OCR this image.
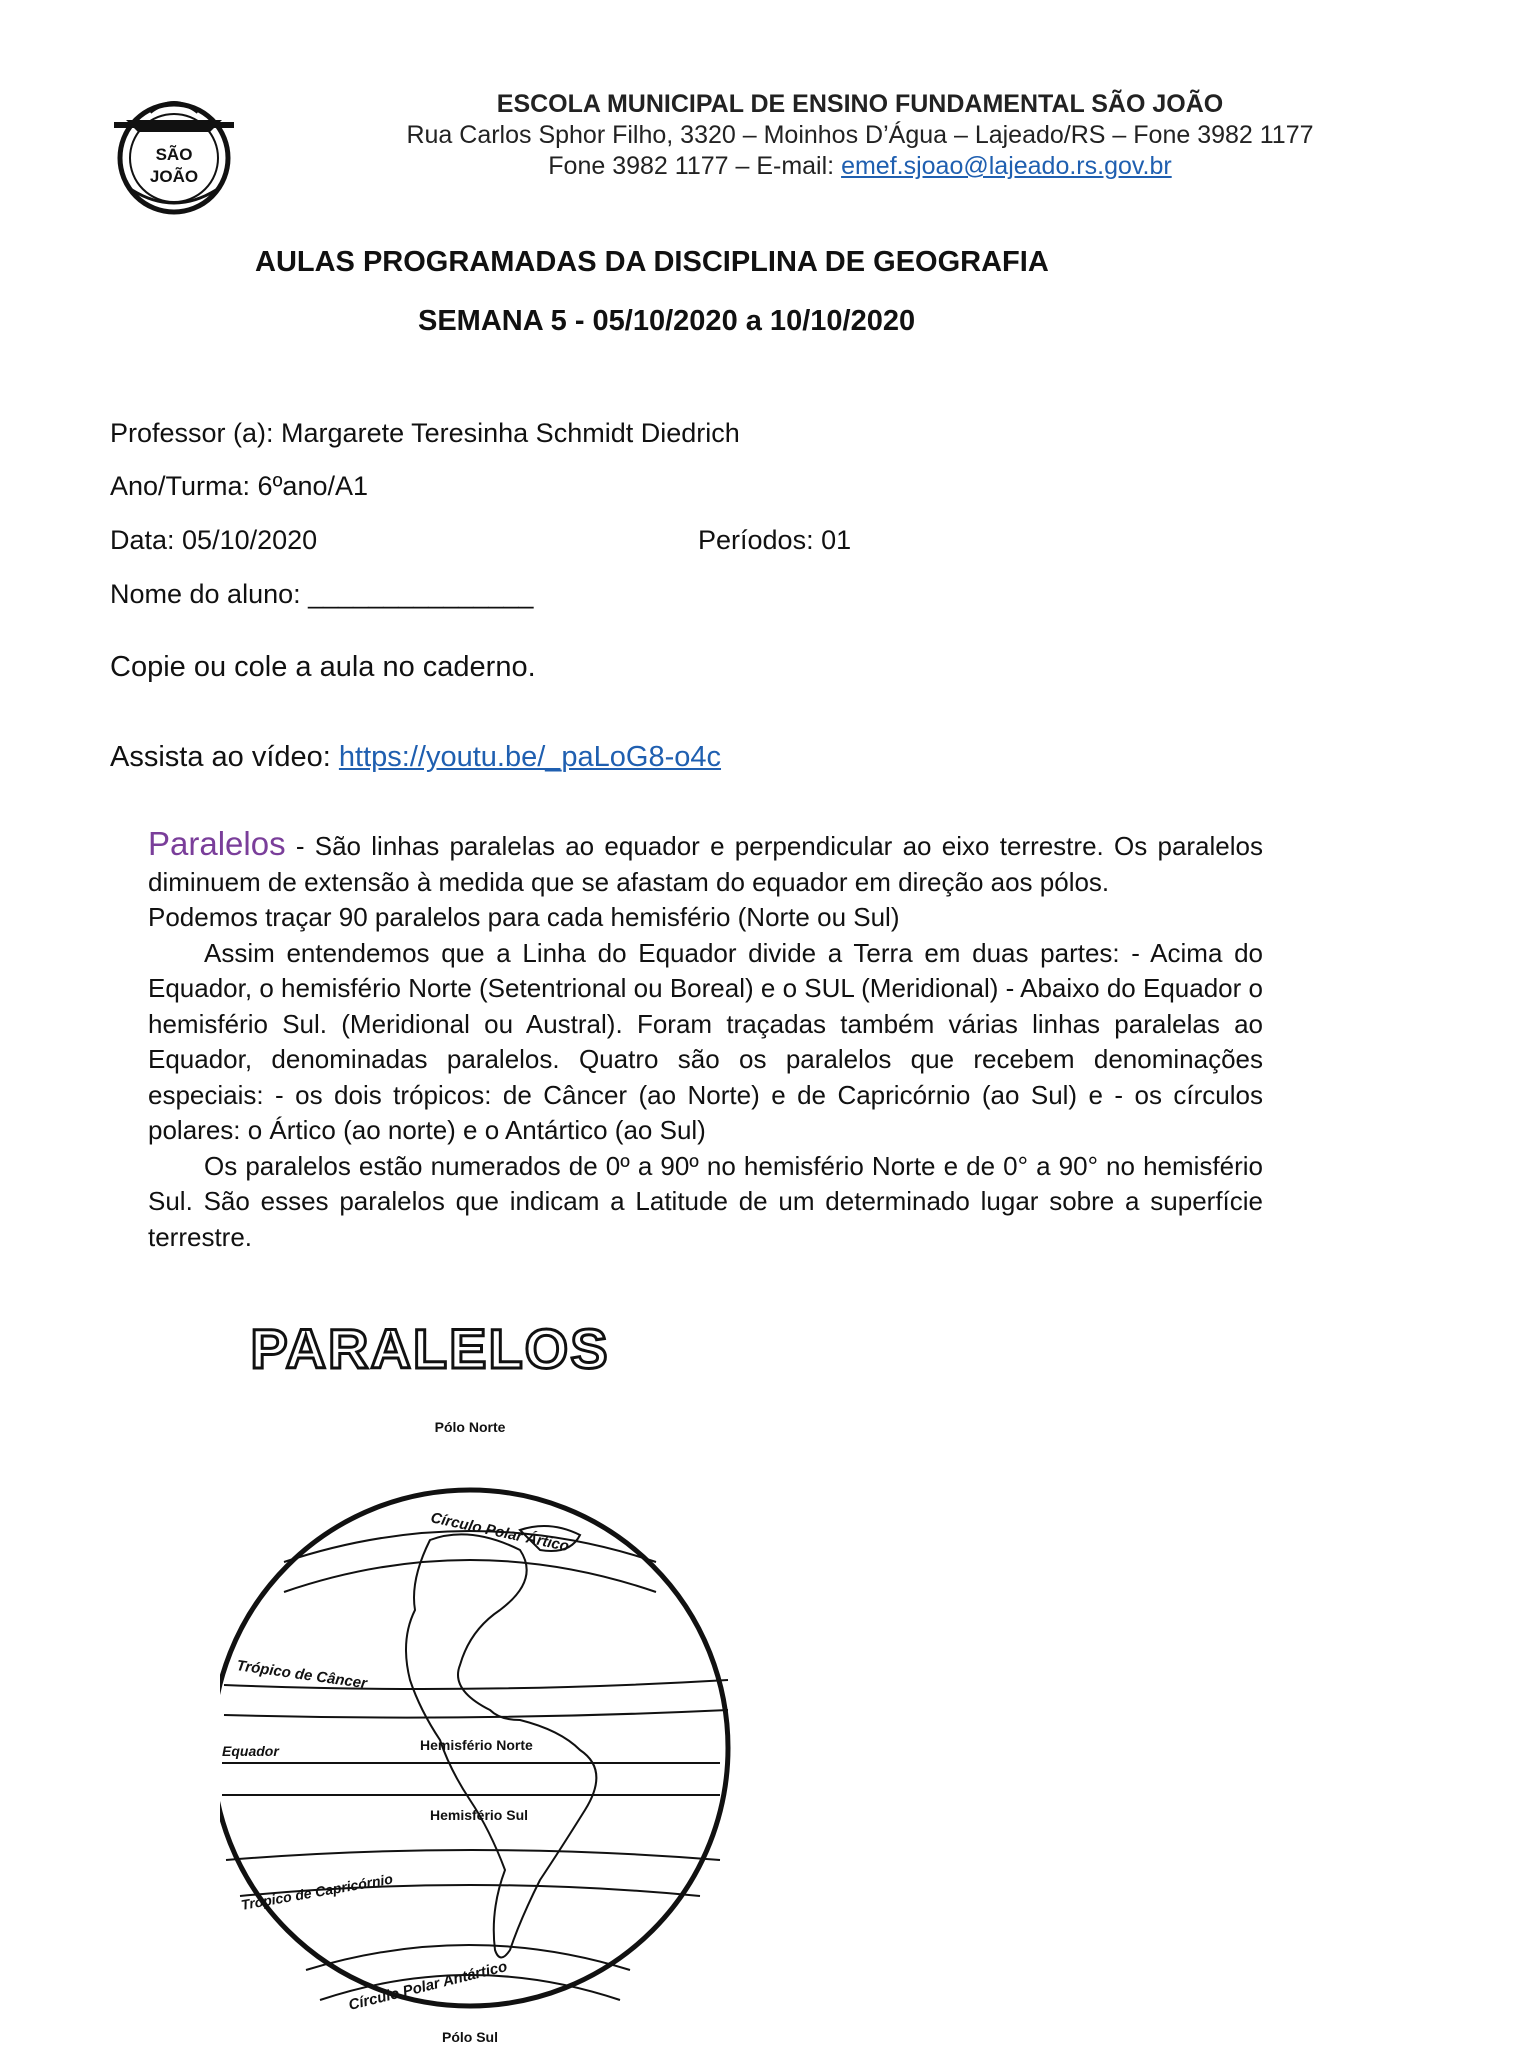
SÃO
JOÃO
ESCOLA MUNICIPAL DE ENSINO FUNDAMENTAL SÃO JOÃO
Rua Carlos Sphor Filho, 3320 – Moinhos D’Água – Lajeado/RS – Fone 3982 1177
Fone 3982 1177 – E-mail: emef.sjoao@lajeado.rs.gov.br
AULAS PROGRAMADAS DA DISCIPLINA DE GEOGRAFIA
SEMANA 5 - 05/10/2020 a 10/10/2020
Professor (a): Margarete Teresinha Schmidt Diedrich
Ano/Turma: 6ºano/A1
Data: 05/10/2020	Períodos: 01
Nome do aluno: _______________
Copie ou cole a aula no caderno.
Assista ao vídeo: https://youtu.be/_paLoG8-o4c

Paralelos - São linhas paralelas ao equador e perpendicular ao eixo terrestre. Os paralelos diminuem de extensão à medida que se afastam do equador em direção aos pólos.

Podemos traçar 90 paralelos para cada hemisfério (Norte ou Sul)

Assim entendemos que a Linha do Equador divide a Terra em duas partes: - Acima do Equador, o hemisfério Norte (Setentrional ou Boreal) e o SUL (Meridional) - Abaixo do Equador o hemisfério Sul. (Meridional ou Austral). Foram traçadas também várias linhas paralelas ao Equador, denominadas paralelos. Quatro são os paralelos que recebem denominações especiais: - os dois trópicos: de Câncer (ao Norte) e de Capricórnio (ao Sul) e - os círculos polares: o Ártico (ao norte) e o Antártico (ao Sul)

Os paralelos estão numerados de 0º a 90º no hemisfério Norte e de 0° a 90° no hemisfério Sul. São esses paralelos que indicam a Latitude de um determinado lugar sobre a superfície terrestre.

PARALELOS
Pólo Norte
Círculo Polar Ártico
Trópico de Câncer
Hemisfério Norte
Equador
Hemisfério Sul
Trópico de Capricórnio
Círculo Polar Antártico
Pólo Sul
